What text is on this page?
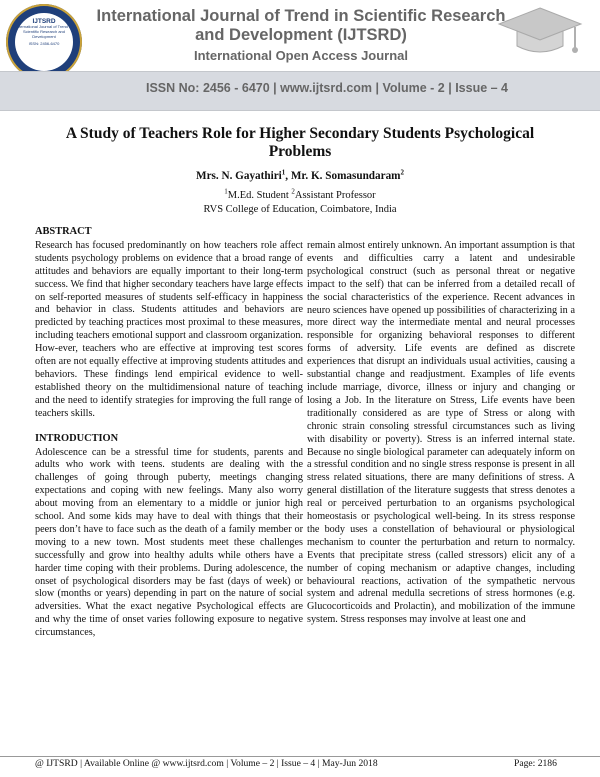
IJTSRD
International Journal of Trend in Scientific Research and Development
ISSN: 2456-6470
International Journal of Trend in Scientific Research and Development (IJTSRD)
International Open Access Journal
ISSN No: 2456 - 6470 | www.ijtsrd.com | Volume - 2 | Issue – 4
A Study of Teachers Role for Higher Secondary Students Psychological Problems
Mrs. N. Gayathiri$^1$, Mr. K. Somasundaram$^2$
$^1$M.Ed. Student $^2$Assistant Professor
RVS College of Education, Coimbatore, India
ABSTRACT

Research has focused predominantly on how teachers role affect students psychology problems on evidence that a broad range of attitudes and behaviors are equally important to their long-term success. We find that higher secondary teachers have large effects on self-reported measures of students self-efficacy in happiness and behavior in class. Students attitudes and behaviors are predicted by teaching practices most proximal to these measures, including teachers emotional support and classroom organization. How-ever, teachers who are effective at improving test scores often are not equally effective at improving students attitudes and behaviors. These findings lend empirical evidence to well-established theory on the multidimensional nature of teaching and the need to identify strategies for improving the full range of teachers skills.

INTRODUCTION

Adolescence can be a stressful time for students, parents and adults who work with teens. students are dealing with the challenges of going through puberty, meetings changing expectations and coping with new feelings. Many also worry about moving from an elementary to a middle or junior high school. And some kids may have to deal with things that their peers don’t have to face such as the death of a family member or moving to a new town. Most students meet these challenges successfully and grow into healthy adults while others have a harder time coping with their problems. During adolescence, the onset of psychological disorders may be fast (days of week) or slow (months or years) depending in part on the nature of social adversities. What the exact negative Psychological effects are and why the time of onset varies following exposure to negative circumstances,

remain almost entirely unknown. An important assumption is that events and difficulties carry a latent and undesirable psychological construct (such as personal threat or negative impact to the self) that can be inferred from a detailed recall of the social characteristics of the experience. Recent advances in neuro sciences have opened up possibilities of characterizing in a more direct way the intermediate mental and neural processes responsible for organizing behavioral responses to different forms of adversity. Life events are defined as discrete experiences that disrupt an individuals usual activities, causing a substantial change and readjustment. Examples of life events include marriage, divorce, illness or injury and changing or losing a Job. In the literature on Stress, Life events have been traditionally considered as are type of Stress or along with chronic strain consoling stressful circumstances such as living with disability or poverty). Stress is an inferred internal state. Because no single biological parameter can adequately inform on a stressful condition and no single stress response is present in all stress related situations, there are many definitions of stress. A general distillation of the literature suggests that stress denotes a real or perceived perturbation to an organisms psychological homeostasis or psychological well-being. In its stress response the body uses a constellation of behavioural or physiological mechanism to counter the perturbation and return to normalcy. Events that precipitate stress (called stressors) elicit any of a number of coping mechanism or adaptive changes, including behavioural reactions, activation of the sympathetic nervous system and adrenal medulla secretions of stress hormones (e.g. Glucocorticoids and Prolactin), and mobilization of the immune system. Stress responses may involve at least one and

@ IJTSRD | Available Online @ www.ijtsrd.com | Volume – 2 | Issue – 4 | May-Jun 2018	Page: 2186
